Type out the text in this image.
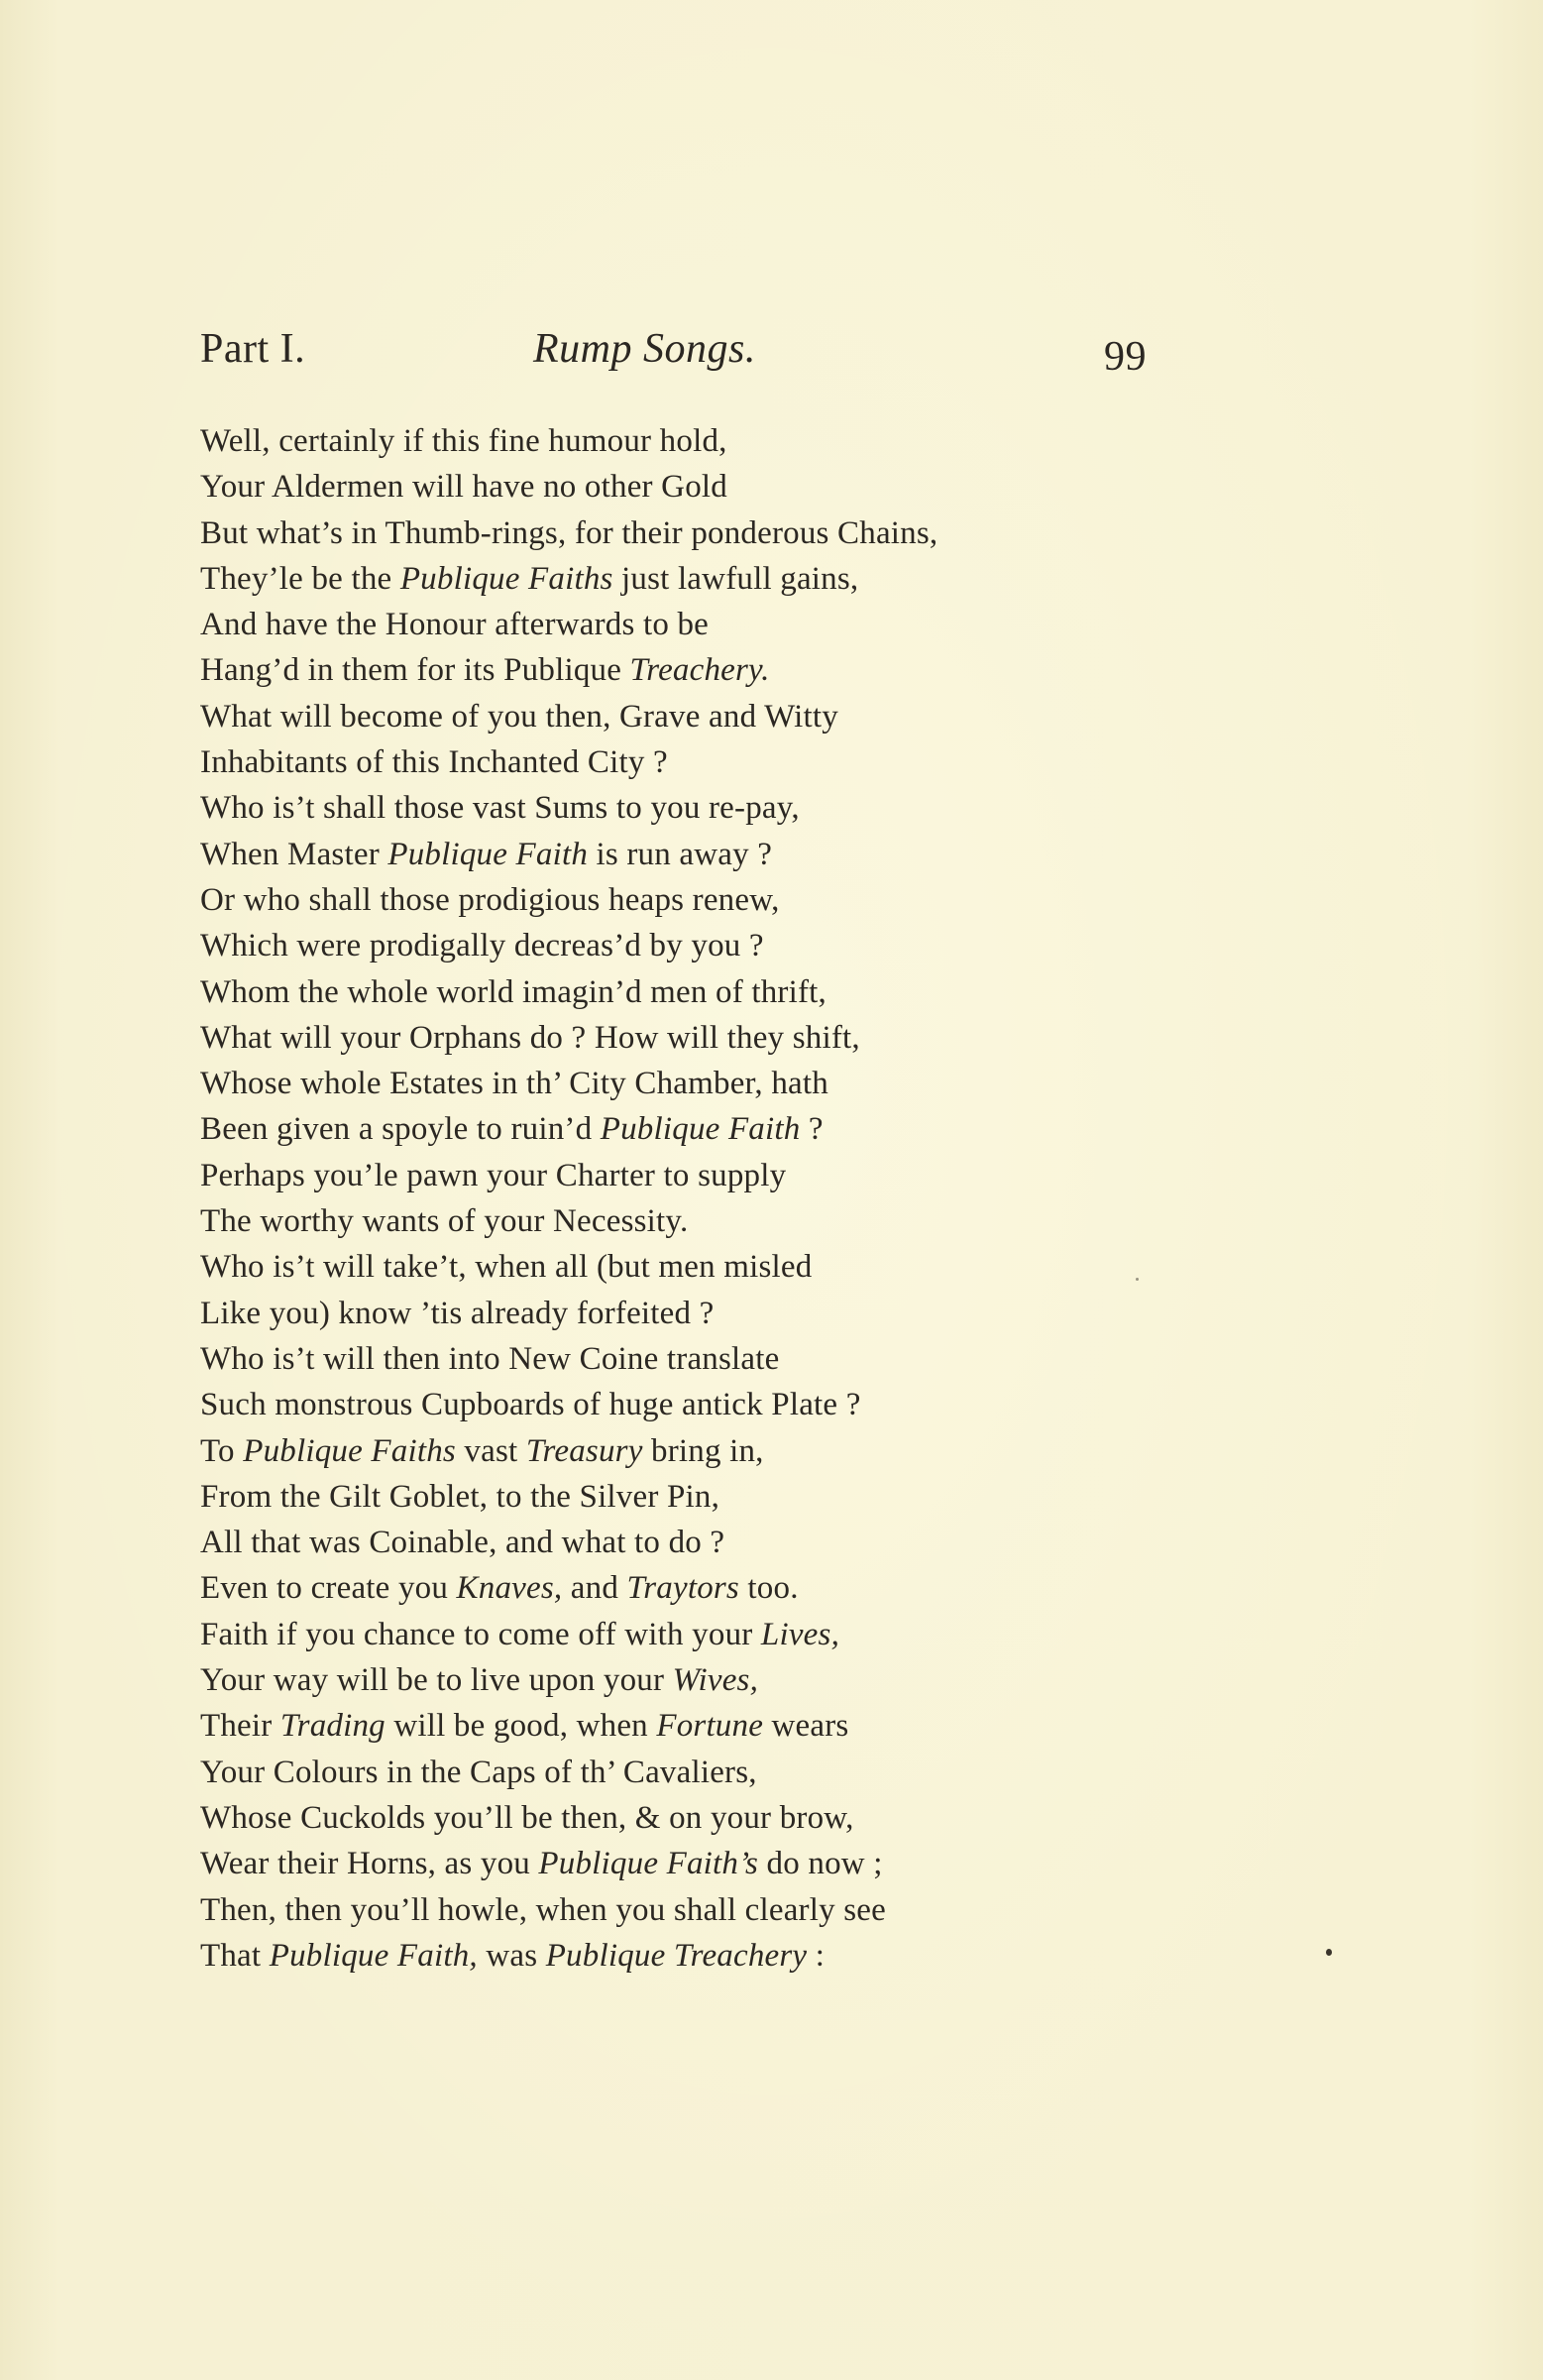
Part I.	Rump Songs.	99
Well, certainly if this fine humour hold,
Your Aldermen will have no other Gold
But what’s in Thumb-rings, for their ponderous Chains,
They’le be the Publique Faiths just lawfull gains,
And have the Honour afterwards to be
Hang’d in them for its Publique Treachery.
What will become of you then, Grave and Witty
Inhabitants of this Inchanted City ?
Who is’t shall those vast Sums to you re-pay,
When Master Publique Faith is run away ?
Or who shall those prodigious heaps renew,
Which were prodigally decreas’d by you ?
Whom the whole world imagin’d men of thrift,
What will your Orphans do ? How will they shift,
Whose whole Estates in th’ City Chamber, hath
Been given a spoyle to ruin’d Publique Faith ?
Perhaps you’le pawn your Charter to supply
The worthy wants of your Necessity.
Who is’t will take’t, when all (but men misled
Like you) know ’tis already forfeited ?
Who is’t will then into New Coine translate
Such monstrous Cupboards of huge antick Plate ?
To Publique Faiths vast Treasury bring in,
From the Gilt Goblet, to the Silver Pin,
All that was Coinable, and what to do ?
Even to create you Knaves, and Traytors too.
Faith if you chance to come off with your Lives,
Your way will be to live upon your Wives,
Their Trading will be good, when Fortune wears
Your Colours in the Caps of th’ Cavaliers,
Whose Cuckolds you’ll be then, & on your brow,
Wear their Horns, as you Publique Faith’s do now ;
Then, then you’ll howle, when you shall clearly see
That Publique Faith, was Publique Treachery :
